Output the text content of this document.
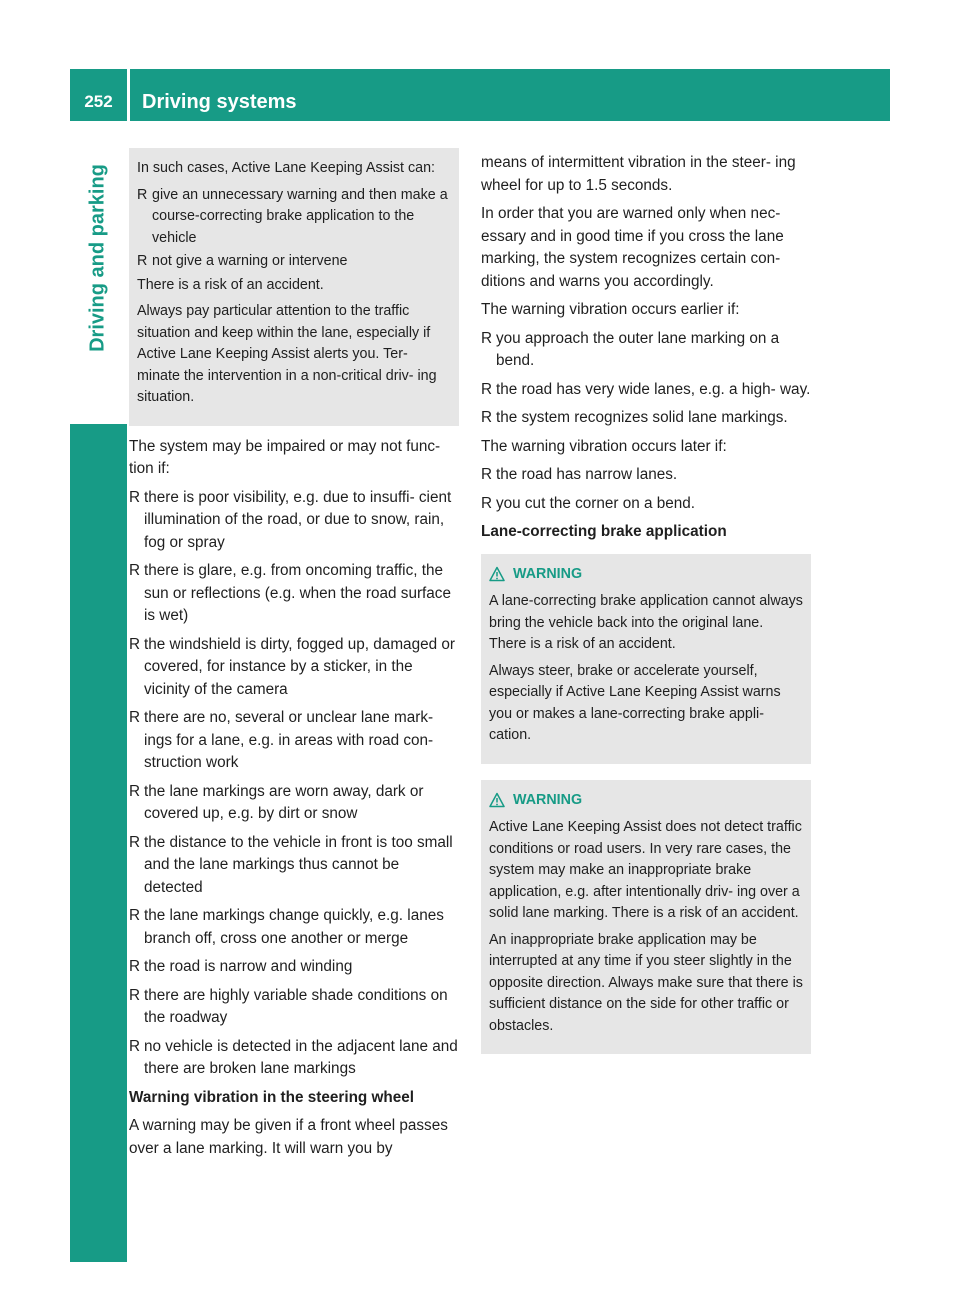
252	Driving systems
Driving and parking In such cases, Active Lane Keeping Assist can:

R give an unnecessary warning and then make a course-correcting brake application to the vehicle
R not give a warning or intervene

There is a risk of an accident.

Always pay particular attention to the traffic situation and keep within the lane, especially if Active Lane Keeping Assist alerts you. Ter- minate the intervention in a non-critical driv- ing situation.

The system may be impaired or may not func- tion if:

R there is poor visibility, e.g. due to insuffi- cient illumination of the road, or due to snow, rain, fog or spray
R there is glare, e.g. from oncoming traffic, the sun or reflections (e.g. when the road surface is wet)
R the windshield is dirty, fogged up, damaged or covered, for instance by a sticker, in the vicinity of the camera
R there are no, several or unclear lane mark- ings for a lane, e.g. in areas with road con- struction work
R the lane markings are worn away, dark or covered up, e.g. by dirt or snow
R the distance to the vehicle in front is too small and the lane markings thus cannot be detected
R the lane markings change quickly, e.g. lanes branch off, cross one another or merge
R the road is narrow and winding
R there are highly variable shade conditions on the roadway
R no vehicle is detected in the adjacent lane and there are broken lane markings

Warning vibration in the steering wheel

A warning may be given if a front wheel passes over a lane marking. It will warn you by

means of intermittent vibration in the steer- ing wheel for up to 1.5 seconds.

In order that you are warned only when nec- essary and in good time if you cross the lane marking, the system recognizes certain con- ditions and warns you accordingly.

The warning vibration occurs earlier if:

R you approach the outer lane marking on a bend.
R the road has very wide lanes, e.g. a high- way.
R the system recognizes solid lane markings.

The warning vibration occurs later if:

R the road has narrow lanes.
R you cut the corner on a bend.

Lane-correcting brake application

WARNING

A lane-correcting brake application cannot always bring the vehicle back into the original lane. There is a risk of an accident.

Always steer, brake or accelerate yourself, especially if Active Lane Keeping Assist warns you or makes a lane-correcting brake appli- cation.

WARNING

Active Lane Keeping Assist does not detect traffic conditions or road users. In very rare cases, the system may make an inappropriate brake application, e.g. after intentionally driv- ing over a solid lane marking. There is a risk of an accident.

An inappropriate brake application may be interrupted at any time if you steer slightly in the opposite direction. Always make sure that there is sufficient distance on the side for other traffic or obstacles.
